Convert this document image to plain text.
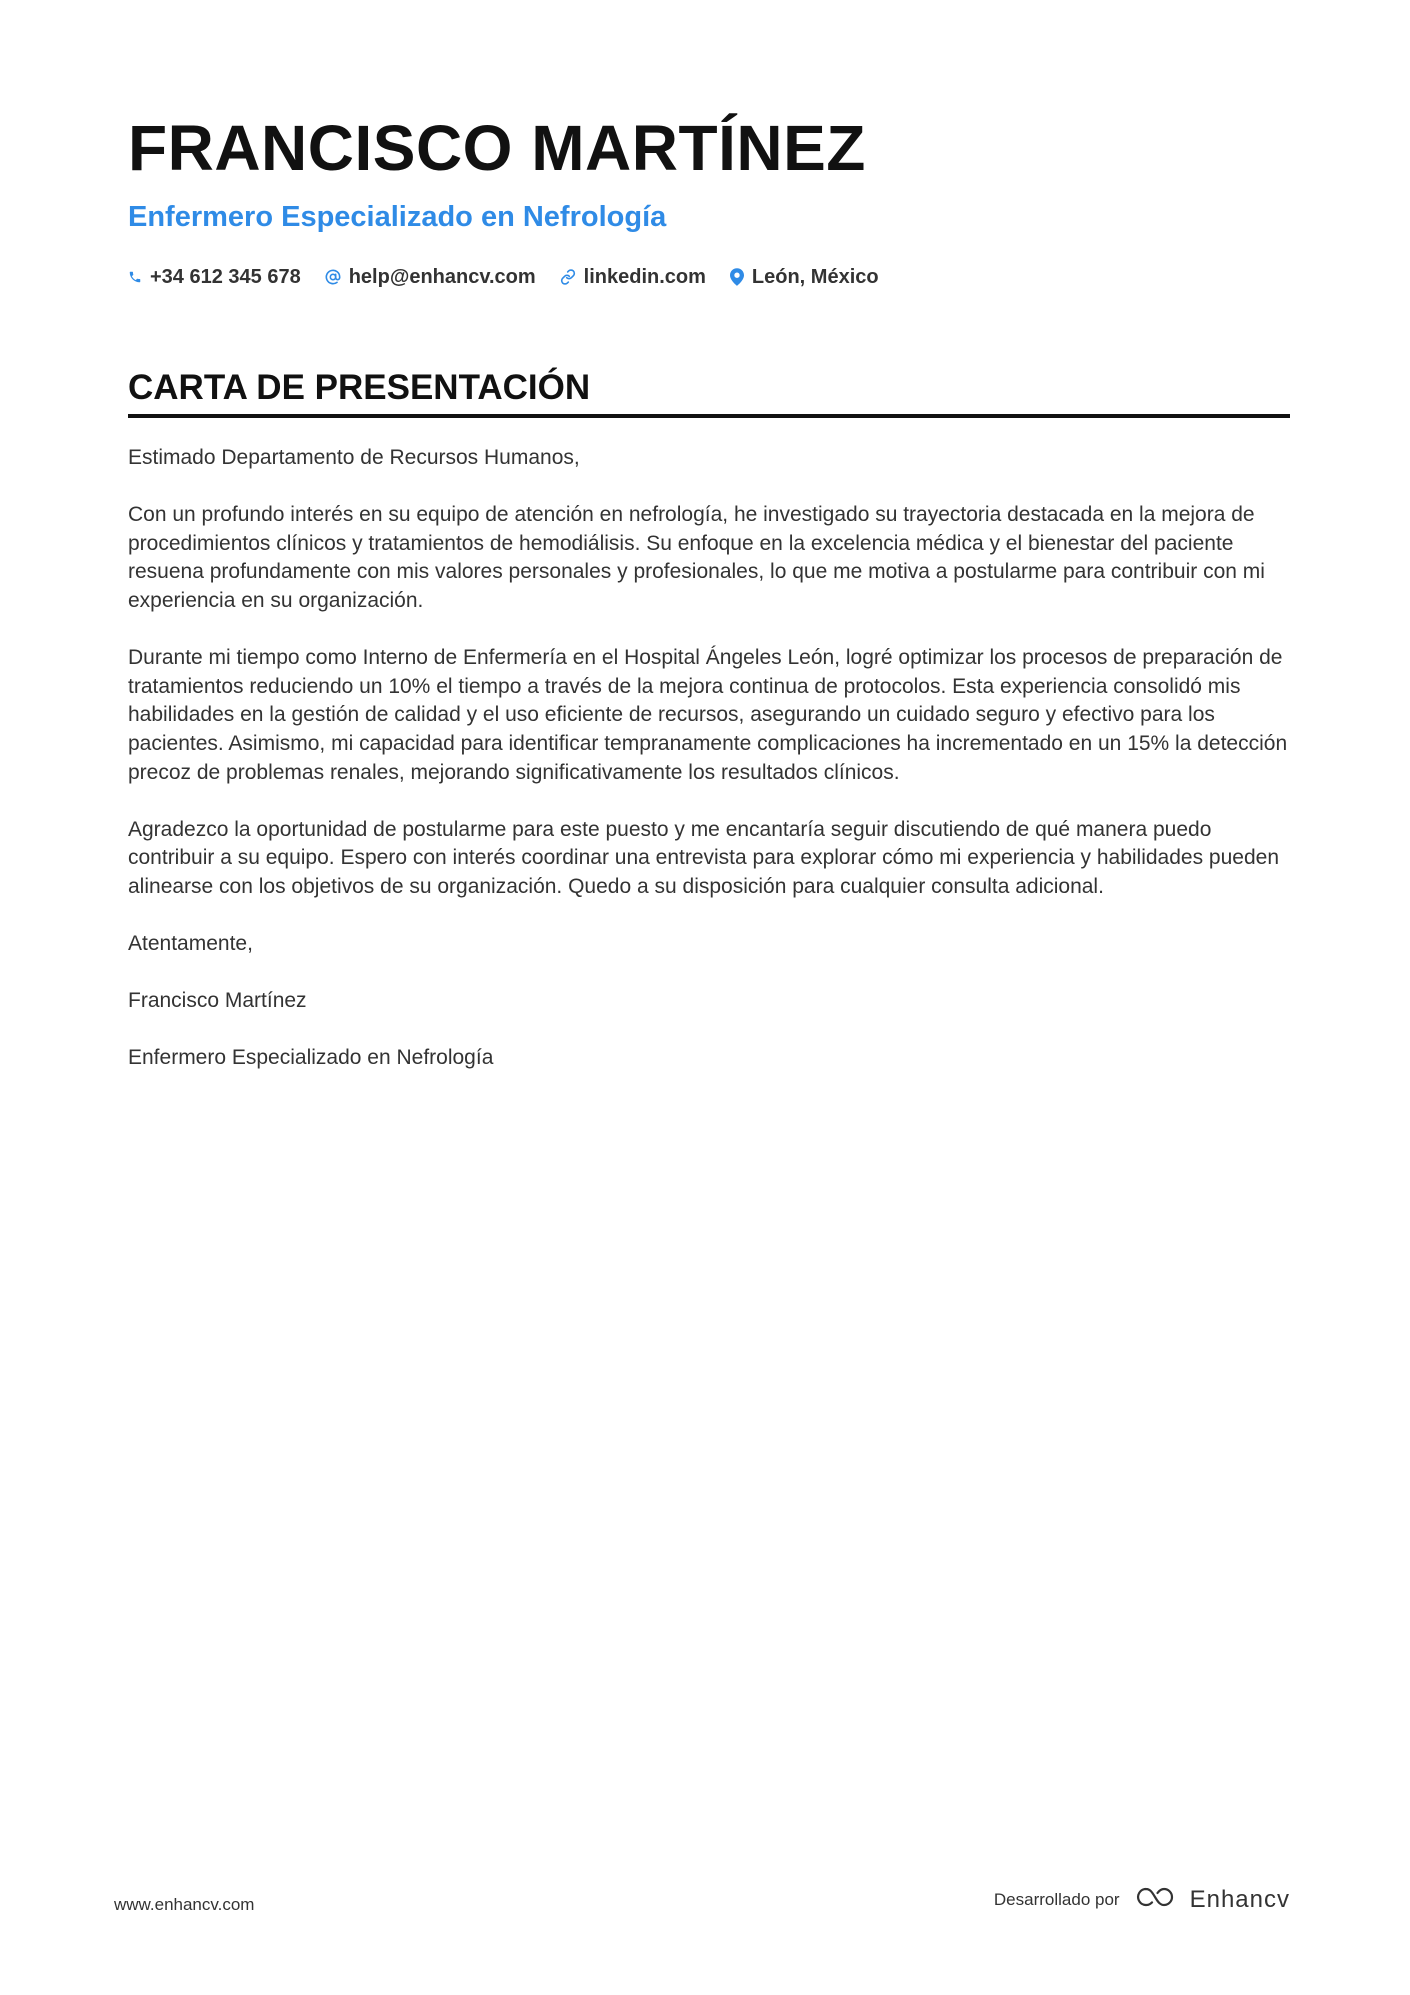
FRANCISCO MARTÍNEZ
Enfermero Especializado en Nefrología
+34 612 345 678 help@enhancv.com linkedin.com León, México
CARTA DE PRESENTACIÓN

Estimado Departamento de Recursos Humanos,

Con un profundo interés en su equipo de atención en nefrología, he investigado su trayectoria destacada en la mejora de procedimientos clínicos y tratamientos de hemodiálisis. Su enfoque en la excelencia médica y el bienestar del paciente resuena profundamente con mis valores personales y profesionales, lo que me motiva a postularme para contribuir con mi experiencia en su organización.

Durante mi tiempo como Interno de Enfermería en el Hospital Ángeles León, logré optimizar los procesos de preparación de tratamientos reduciendo un 10% el tiempo a través de la mejora continua de protocolos. Esta experiencia consolidó mis habilidades en la gestión de calidad y el uso eficiente de recursos, asegurando un cuidado seguro y efectivo para los pacientes. Asimismo, mi capacidad para identificar tempranamente complicaciones ha incrementado en un 15% la detección precoz de problemas renales, mejorando significativamente los resultados clínicos.

Agradezco la oportunidad de postularme para este puesto y me encantaría seguir discutiendo de qué manera puedo contribuir a su equipo. Espero con interés coordinar una entrevista para explorar cómo mi experiencia y habilidades pueden alinearse con los objetivos de su organización. Quedo a su disposición para cualquier consulta adicional.

Atentamente,

Francisco Martínez

Enfermero Especializado en Nefrología

www.enhancv.com	Desarrollado por	Enhancv
